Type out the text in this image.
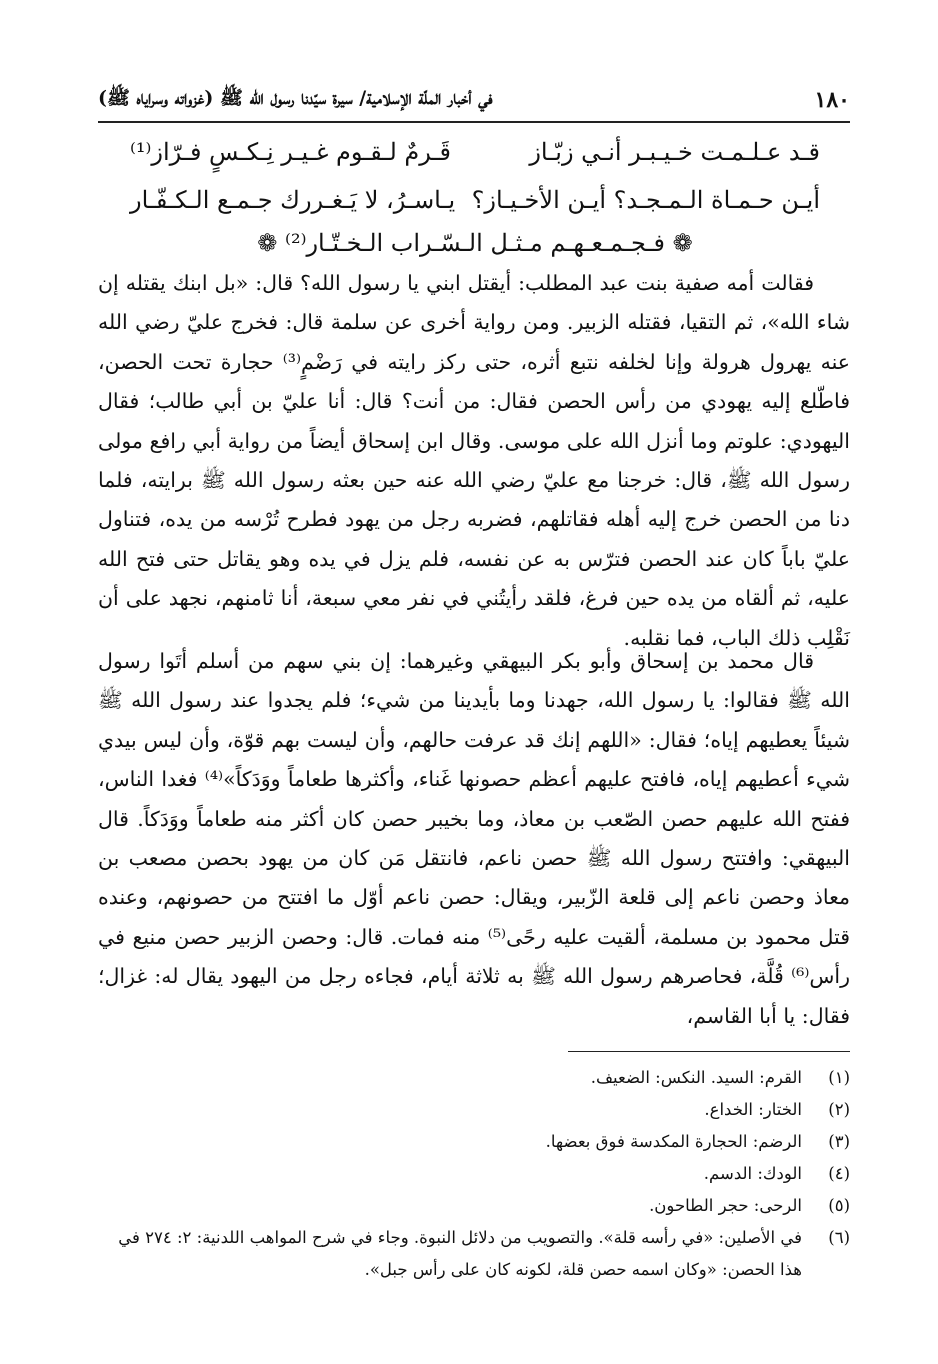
١٨٠
في أخبار الملّة الإسلامية/ سيرة سيّدنا رسول الله ﷺ (غزواته وسراياه ﷺ)
قـد عـلـمـت خـيـبـر أنـي زبّـاز
قَـرمٌ لـقـوم غـيـر نِـكـسٍ فـرّاز⁽¹⁾
أيـن حـمـاة الـمـجـد؟ أيـن الأخـيـاز؟
يـاسـرُ، لا يَـغـررك جـمـع الـكـفّـار
❁ فـجـمـعـهـم مـثـل الـسّـراب الـخـتّـار⁽²⁾ ❁

فقالت أمه صفية بنت عبد المطلب: أيقتل ابني يا رسول الله؟ قال: «بل ابنك يقتله إن شاء الله»، ثم التقيا، فقتله الزبير. ومن رواية أخرى عن سلمة قال: فخرج عليّ رضي الله عنه يهرول هرولة وإنا لخلفه نتبع أثره، حتى ركز رايته في رَضْمٍ⁽³⁾ حجارة تحت الحصن، فاطّلع إليه يهودي من رأس الحصن فقال: من أنت؟ قال: أنا عليّ بن أبي طالب؛ فقال اليهودي: علوتم وما أنزل الله على موسى. وقال ابن إسحاق أيضاً من رواية أبي رافع مولى رسول الله ﷺ، قال: خرجنا مع عليّ رضي الله عنه حين بعثه رسول الله ﷺ برايته، فلما دنا من الحصن خرج إليه أهله فقاتلهم، فضربه رجل من يهود فطرح تُرْسه من يده، فتناول عليّ باباً كان عند الحصن فترّس به عن نفسه، فلم يزل في يده وهو يقاتل حتى فتح الله عليه، ثم ألقاه من يده حين فرغ، فلقد رأيتُني في نفر معي سبعة، أنا ثامنهم، نجهد على أن نَقْلِب ذلك الباب، فما نقلبه.

قال محمد بن إسحاق وأبو بكر البيهقي وغيرهما: إن بني سهم من أسلم أتَوا رسول الله ﷺ فقالوا: يا رسول الله، جهدنا وما بأيدينا من شيء؛ فلم يجدوا عند رسول الله ﷺ شيئاً يعطيهم إياه؛ فقال: «اللهم إنك قد عرفت حالهم، وأن ليست بهم قوّة، وأن ليس بيدي شيء أعطيهم إياه، فافتح عليهم أعظم حصونها غَناء، وأكثرها طعاماً ووَدَكاً»⁽⁴⁾ فغدا الناس، ففتح الله عليهم حصن الصّعب بن معاذ، وما بخيبر حصن كان أكثر منه طعاماً ووَدَكاً. قال البيهقي: وافتتح رسول الله ﷺ حصن ناعم، فانتقل مَن كان من يهود بحصن مصعب بن معاذ وحصن ناعم إلى قلعة الزّبير، ويقال: حصن ناعم أوّل ما افتتح من حصونهم، وعنده قتل محمود بن مسلمة، ألقيت عليه رحًى⁽⁵⁾ منه فمات. قال: وحصن الزبير حصن منيع في رأس⁽⁶⁾ قُلَّة، فحاصرهم رسول الله ﷺ به ثلاثة أيام، فجاءه رجل من اليهود يقال له: غزال؛ فقال: يا أبا القاسم،

(١)
القرم: السيد. النكس: الضعيف.
(٢)
الختار: الخداع.
(٣)
الرضم: الحجارة المكدسة فوق بعضها.
(٤)
الودك: الدسم.
(٥)
الرحى: حجر الطاحون.
(٦)
في الأصلين: «في رأسه قلة». والتصويب من دلائل النبوة. وجاء في شرح المواهب اللدنية: ٢: ٢٧٤ في هذا الحصن: «وكان اسمه حصن قلة، لكونه كان على رأس جبل».
